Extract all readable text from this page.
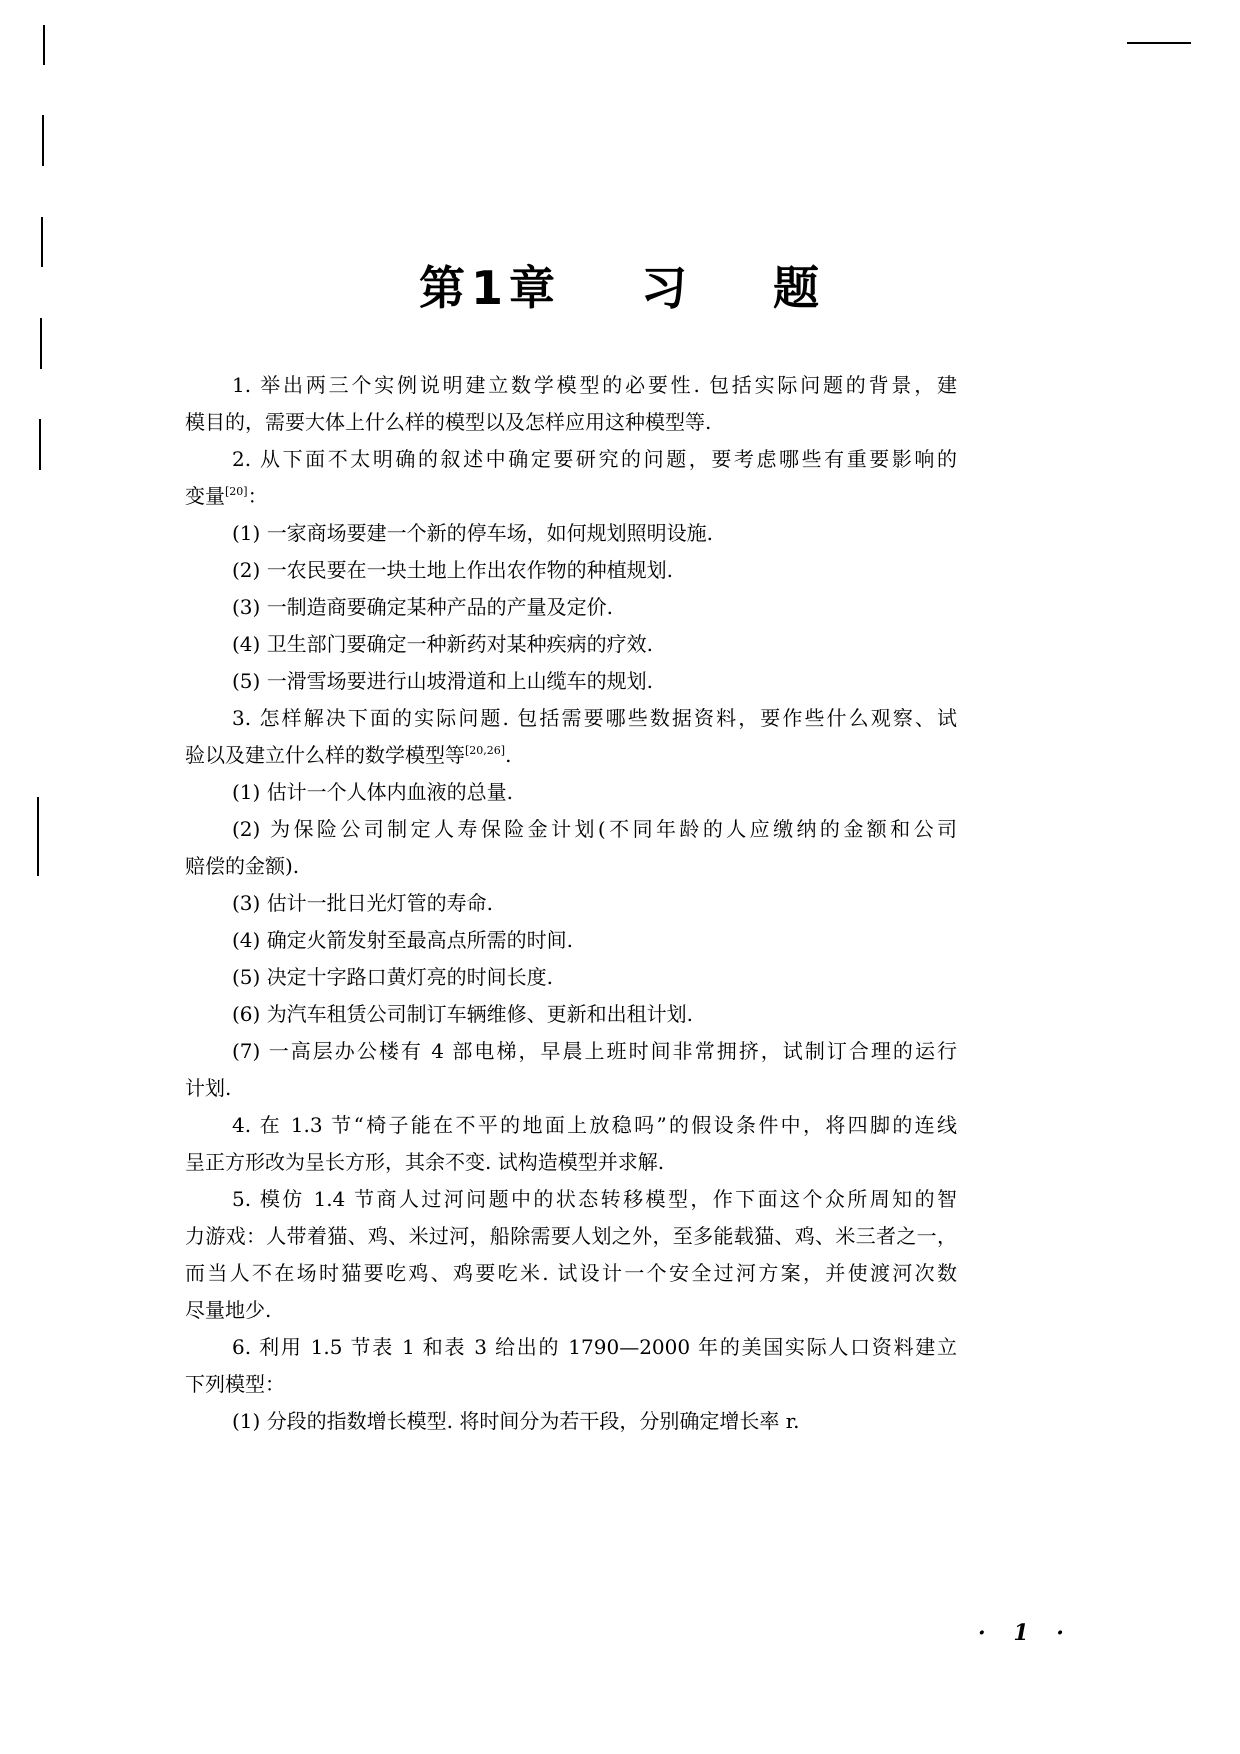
第1章 习 题
1. 举出两三个实例说明建立数学模型的必要性. 包括实际问题的背景，建
模目的，需要大体上什么样的模型以及怎样应用这种模型等.
2. 从下面不太明确的叙述中确定要研究的问题，要考虑哪些有重要影响的
变量[20]：
(1) 一家商场要建一个新的停车场，如何规划照明设施.
(2) 一农民要在一块土地上作出农作物的种植规划.
(3) 一制造商要确定某种产品的产量及定价.
(4) 卫生部门要确定一种新药对某种疾病的疗效.
(5) 一滑雪场要进行山坡滑道和上山缆车的规划.
3. 怎样解决下面的实际问题. 包括需要哪些数据资料，要作些什么观察、试
验以及建立什么样的数学模型等[20,26].
(1) 估计一个人体内血液的总量.
(2) 为保险公司制定人寿保险金计划(不同年龄的人应缴纳的金额和公司
赔偿的金额).
(3) 估计一批日光灯管的寿命.
(4) 确定火箭发射至最高点所需的时间.
(5) 决定十字路口黄灯亮的时间长度.
(6) 为汽车租赁公司制订车辆维修、更新和出租计划.
(7) 一高层办公楼有 4 部电梯，早晨上班时间非常拥挤，试制订合理的运行
计划.
4. 在 1.3 节“椅子能在不平的地面上放稳吗”的假设条件中，将四脚的连线
呈正方形改为呈长方形，其余不变. 试构造模型并求解.
5. 模仿 1.4 节商人过河问题中的状态转移模型，作下面这个众所周知的智
力游戏：人带着猫、鸡、米过河，船除需要人划之外，至多能载猫、鸡、米三者之一，
而当人不在场时猫要吃鸡、鸡要吃米. 试设计一个安全过河方案，并使渡河次数
尽量地少.
6. 利用 1.5 节表 1 和表 3 给出的 1790—2000 年的美国实际人口资料建立
下列模型：
(1) 分段的指数增长模型. 将时间分为若干段，分别确定增长率 r.
· 1 ·
